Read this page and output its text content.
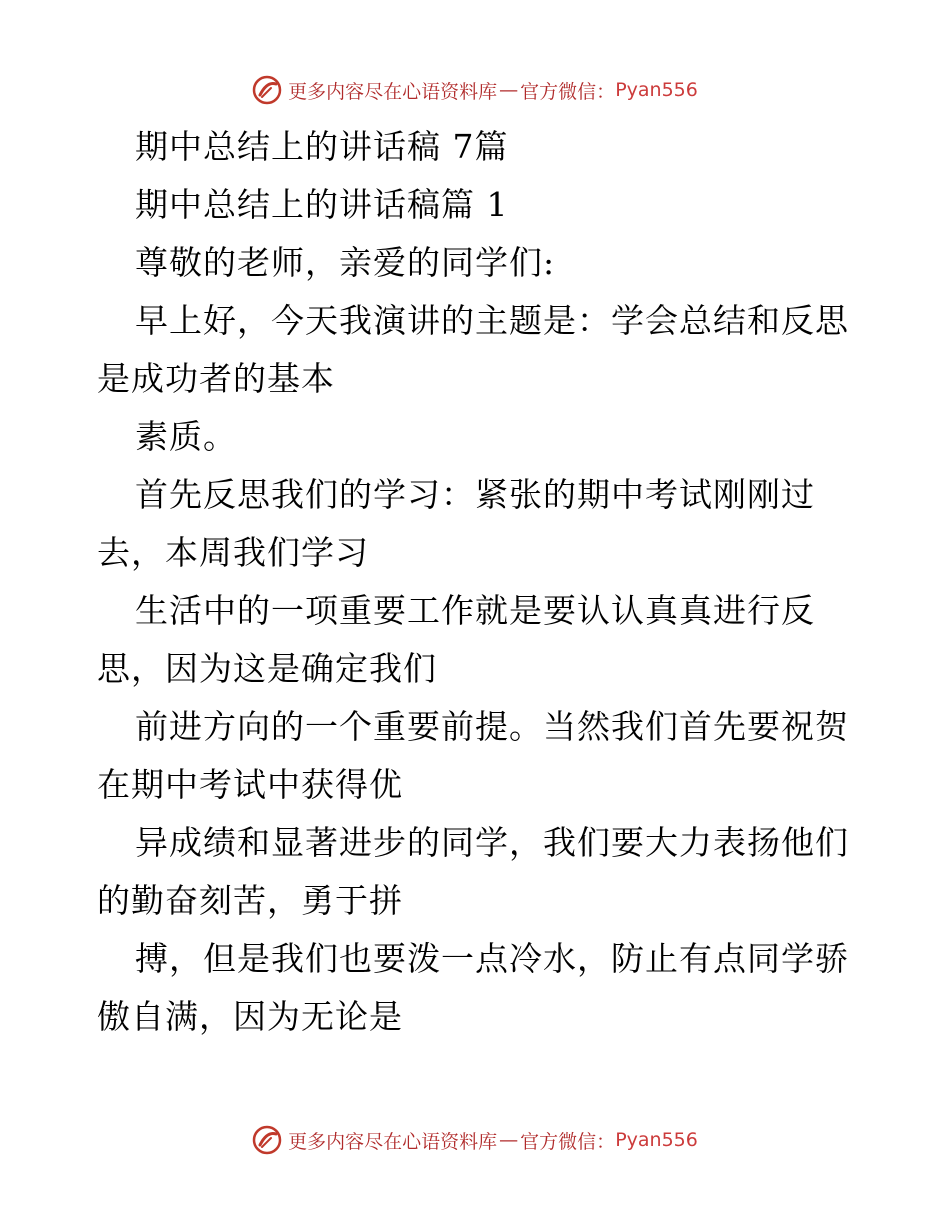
更多内容尽在心语资料库 — 官方微信： Pyan556
期中总结上的讲话稿 7篇
期中总结上的讲话稿篇 1
尊敬的老师，亲爱的同学们:
早上好，今天我演讲的主题是：学会总结和反思
是成功者的基本
素质。
首先反思我们的学习：紧张的期中考试刚刚过
去，本周我们学习
生活中的一项重要工作就是要认认真真进行反
思，因为这是确定我们
前进方向的一个重要前提。当然我们首先要祝贺
在期中考试中获得优
异成绩和显著进步的同学，我们要大力表扬他们
的勤奋刻苦，勇于拼
搏，但是我们也要泼一点冷水，防止有点同学骄
傲自满，因为无论是
更多内容尽在心语资料库 — 官方微信： Pyan556
